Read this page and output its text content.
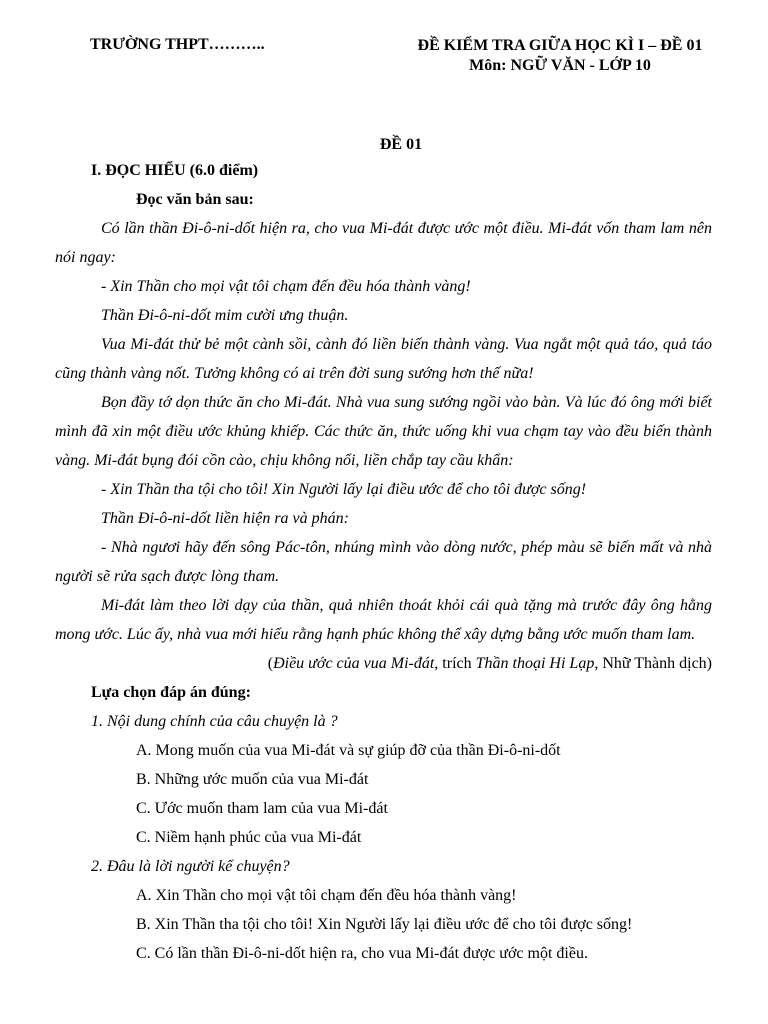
TRƯỜNG THPT………..	ĐỀ KIỂM TRA GIỮA HỌC KÌ I – ĐỀ 01
Môn: NGỮ VĂN - LỚP 10
ĐỀ 01

I. ĐỌC HIỂU (6.0 điểm)

Đọc văn bản sau:

Có lần thần Đi-ô-ni-dốt hiện ra, cho vua Mi-đát được ước một điều. Mi-đát vốn tham lam nên nói ngay:

- Xin Thần cho mọi vật tôi chạm đến đều hóa thành vàng!

Thần Đi-ô-ni-dốt mim cười ưng thuận.

Vua Mi-đát thử bẻ một cành sồi, cành đó liền biến thành vàng. Vua ngắt một quả táo, quả táo cũng thành vàng nốt. Tưởng không có ai trên đời sung sướng hơn thế nữa!

Bọn đầy tớ dọn thức ăn cho Mi-đát. Nhà vua sung sướng ngồi vào bàn. Và lúc đó ông mới biết mình đã xin một điều ước khủng khiếp. Các thức ăn, thức uống khi vua chạm tay vào đều biến thành vàng. Mi-đát bụng đói cồn cào, chịu không nổi, liền chắp tay cầu khẩn:

- Xin Thần tha tội cho tôi! Xin Người lấy lại điều ước để cho tôi được sống!

Thần Đi-ô-ni-dốt liền hiện ra và phán:

- Nhà ngươi hãy đến sông Pác-tôn, nhúng mình vào dòng nước, phép màu sẽ biến mất và nhà người sẽ rửa sạch được lòng tham.

Mi-đát làm theo lời dạy của thần, quả nhiên thoát khỏi cái quà tặng mà trước đây ông hằng mong ước. Lúc ấy, nhà vua mới hiểu rằng hạnh phúc không thể xây dựng bằng ước muốn tham lam.

(Điều ước của vua Mi-đát, trích Thần thoại Hi Lạp, Nhữ Thành dịch)

Lựa chọn đáp án đúng:

1. Nội dung chính của câu chuyện là ?

A. Mong muốn của vua Mi-đát và sự giúp đỡ của thần Đi-ô-ni-dốt

B. Những ước muốn của vua Mi-đát

C. Ước muốn tham lam của vua Mi-đát

C. Niềm hạnh phúc của vua Mi-đát

2. Đâu là lời người kể chuyện?

A. Xin Thần cho mọi vật tôi chạm đến đều hóa thành vàng!

B. Xin Thần tha tội cho tôi! Xin Người lấy lại điều ước để cho tôi được sống!

C. Có lần thần Đi-ô-ni-dốt hiện ra, cho vua Mi-đát được ước một điều.
